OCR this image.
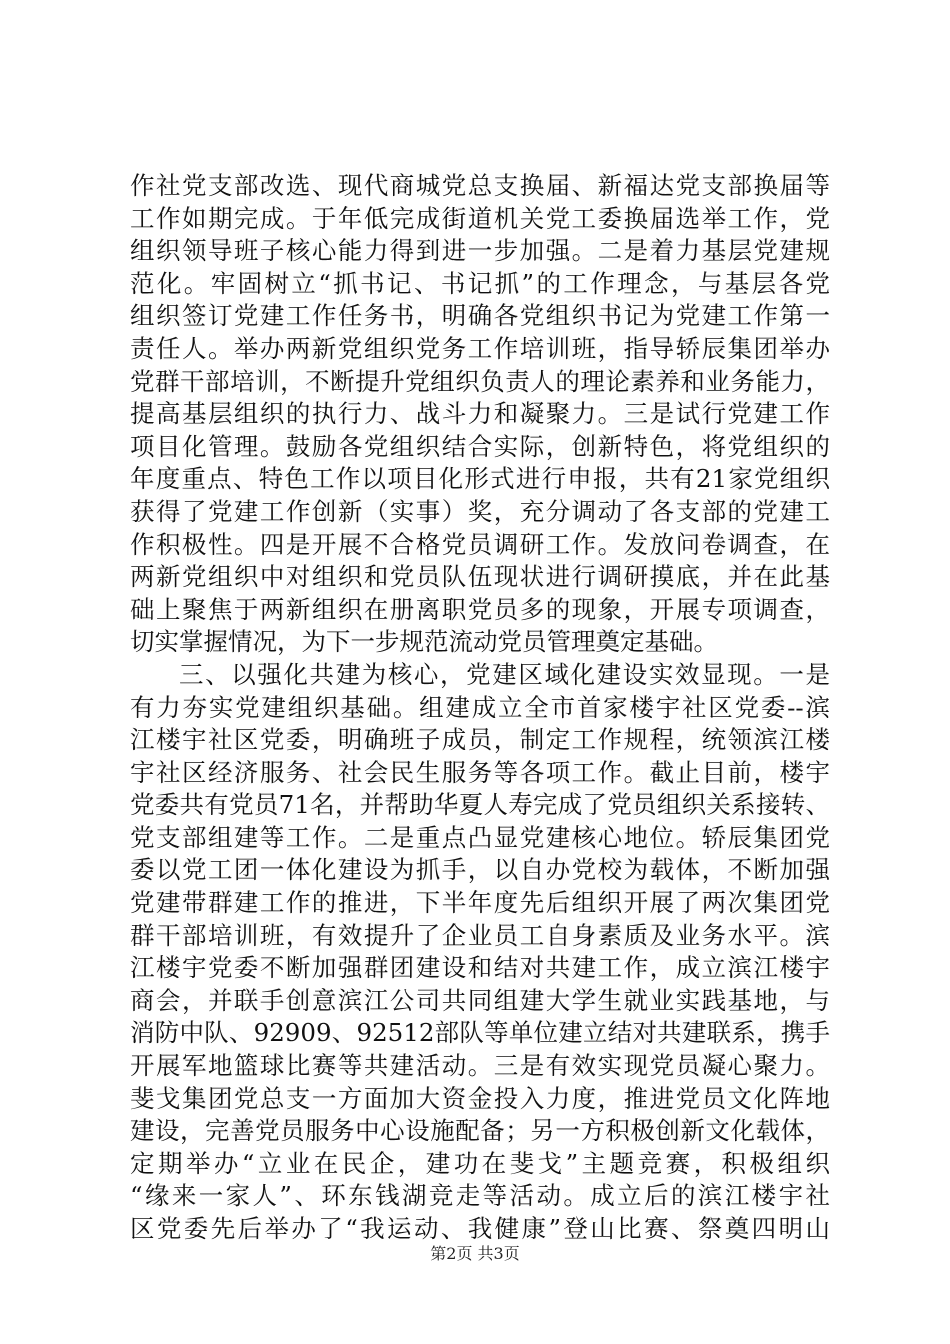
作社党支部改选、现代商城党总支换届、新福达党支部换届等
工作如期完成。于年低完成街道机关党工委换届选举工作，党
组织领导班子核心能力得到进一步加强。二是着力基层党建规
范化。牢固树立“抓书记、书记抓”的工作理念，与基层各党
组织签订党建工作任务书，明确各党组织书记为党建工作第一
责任人。举办两新党组织党务工作培训班，指导轿辰集团举办
党群干部培训，不断提升党组织负责人的理论素养和业务能力，
提高基层组织的执行力、战斗力和凝聚力。三是试行党建工作
项目化管理。鼓励各党组织结合实际，创新特色，将党组织的
年度重点、特色工作以项目化形式进行申报，共有21家党组织
获得了党建工作创新（实事）奖，充分调动了各支部的党建工
作积极性。四是开展不合格党员调研工作。发放问卷调查，在
两新党组织中对组织和党员队伍现状进行调研摸底，并在此基
础上聚焦于两新组织在册离职党员多的现象，开展专项调查，
切实掌握情况，为下一步规范流动党员管理奠定基础。
三、以强化共建为核心，党建区域化建设实效显现。一是
有力夯实党建组织基础。组建成立全市首家楼宇社区党委--滨
江楼宇社区党委，明确班子成员，制定工作规程，统领滨江楼
宇社区经济服务、社会民生服务等各项工作。截止目前，楼宇
党委共有党员71名，并帮助华夏人寿完成了党员组织关系接转、
党支部组建等工作。二是重点凸显党建核心地位。轿辰集团党
委以党工团一体化建设为抓手，以自办党校为载体，不断加强
党建带群建工作的推进，下半年度先后组织开展了两次集团党
群干部培训班，有效提升了企业员工自身素质及业务水平。滨
江楼宇党委不断加强群团建设和结对共建工作，成立滨江楼宇
商会，并联手创意滨江公司共同组建大学生就业实践基地，与
消防中队、92909、92512部队等单位建立结对共建联系，携手
开展军地篮球比赛等共建活动。三是有效实现党员凝心聚力。
斐戈集团党总支一方面加大资金投入力度，推进党员文化阵地
建设，完善党员服务中心设施配备；另一方积极创新文化载体，
定期举办“立业在民企，建功在斐戈”主题竞赛，积极组织
“缘来一家人”、环东钱湖竞走等活动。成立后的滨江楼宇社
区党委先后举办了“我运动、我健康”登山比赛、祭奠四明山
第2页 共3页
